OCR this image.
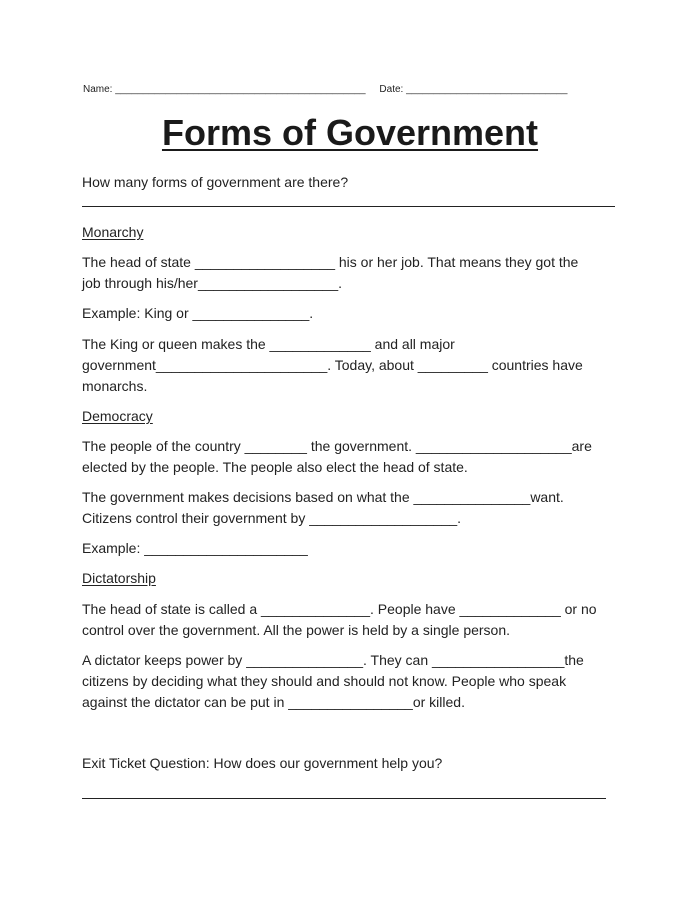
Name: _____________________________________________ Date: _____________________________
Forms of Government
How many forms of government are there?
Monarchy
The head of state __________________ his or her job. That means they got the
job through his/her__________________.
Example: King or _______________.
The King or queen makes the _____________ and all major
government______________________. Today, about _________ countries have
monarchs.
Democracy
The people of the country ________ the government. ____________________are
elected by the people. The people also elect the head of state.
The government makes decisions based on what the _______________want.
Citizens control their government by ___________________.
Example: _____________________
Dictatorship
The head of state is called a ______________. People have _____________ or no
control over the government. All the power is held by a single person.
A dictator keeps power by _______________. They can _________________the
citizens by deciding what they should and should not know. People who speak
against the dictator can be put in ________________or killed.
Exit Ticket Question: How does our government help you?
